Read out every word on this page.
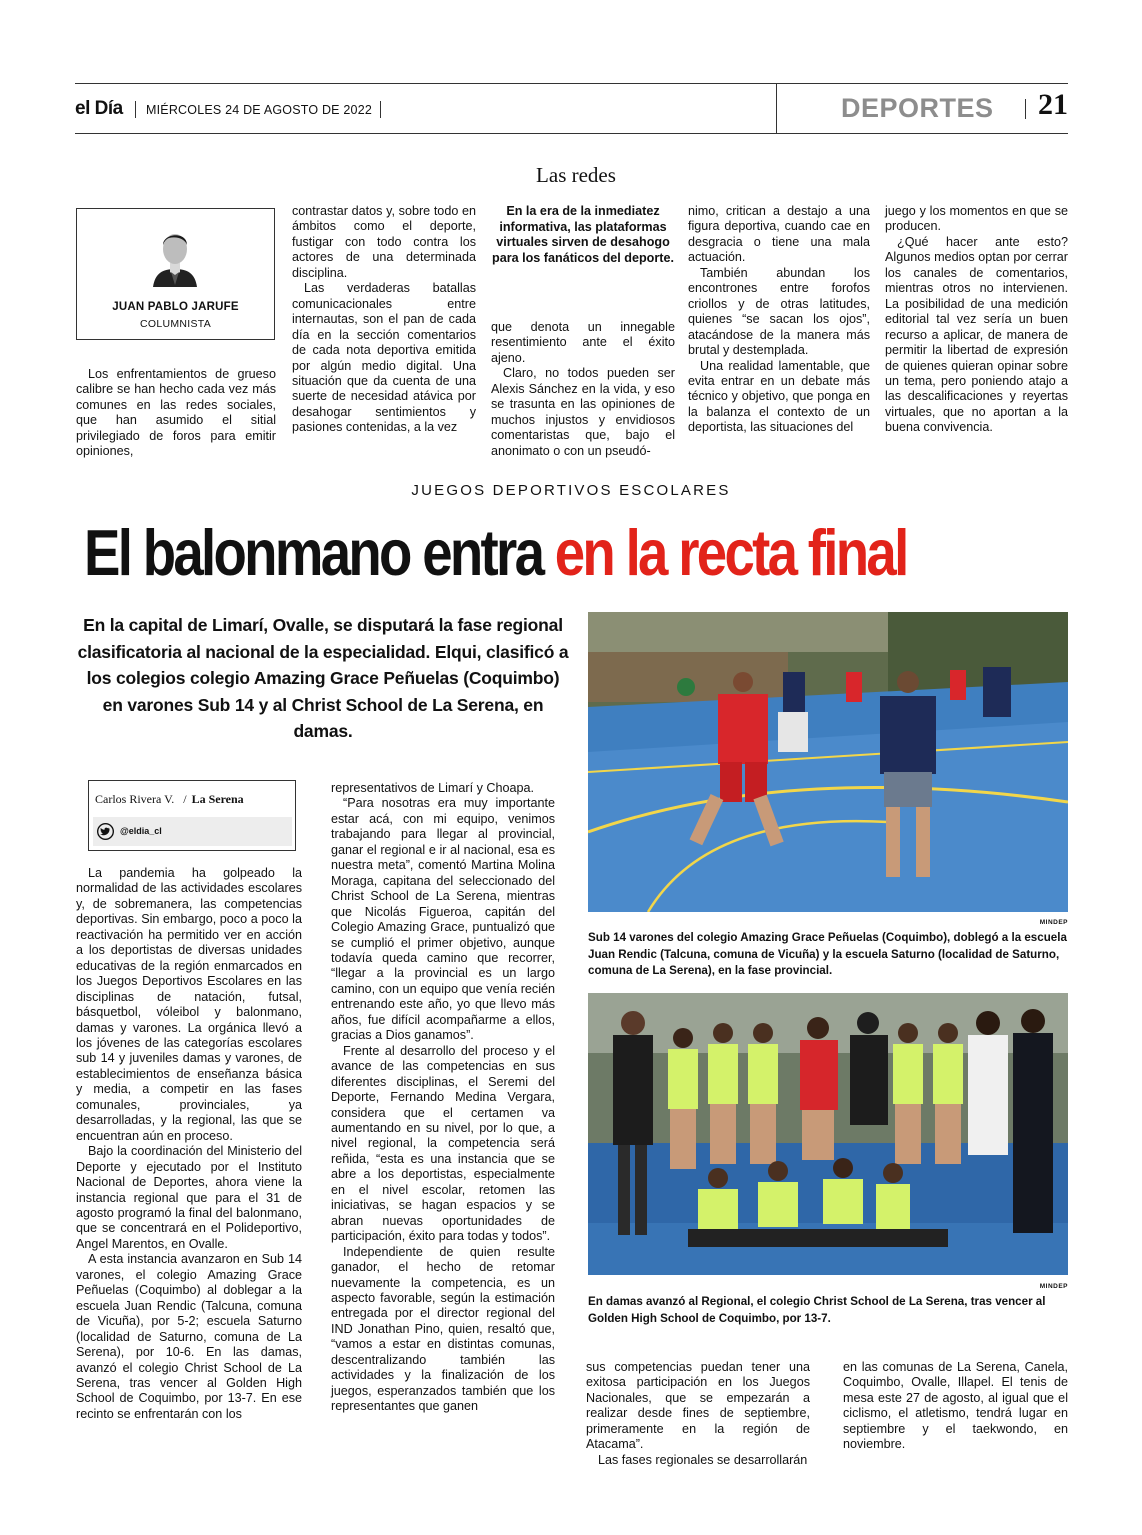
el Día MIÉRCOLES 24 DE AGOSTO DE 2022	DEPORTES 21
Las redes
JUAN PABLO JARUFE
COLUMNISTA

Los enfrentamientos de grueso calibre se han hecho cada vez más comunes en las redes sociales, que han asumido el sitial privilegiado de foros para emitir opiniones,

contrastar datos y, sobre todo en ámbitos como el deporte, fustigar con todo contra los actores de una determinada disciplina.

Las verdaderas batallas comunicacionales entre internautas, son el pan de cada día en la sección comentarios de cada nota deportiva emitida por algún medio digital. Una situación que da cuenta de una suerte de necesidad atávica por desahogar sentimientos y pasiones contenidas, a la vez

En la era de la inmediatez informativa, las plataformas virtuales sirven de desahogo para los fanáticos del deporte.

que denota un innegable resentimiento ante el éxito ajeno.

Claro, no todos pueden ser Alexis Sánchez en la vida, y eso se trasunta en las opiniones de muchos injustos y envidiosos comentaristas que, bajo el anonimato o con un pseudó-

nimo, critican a destajo a una figura deportiva, cuando cae en desgracia o tiene una mala actuación.

También abundan los encontrones entre forofos criollos y de otras latitudes, quienes “se sacan los ojos”, atacándose de la manera más brutal y destemplada.

Una realidad lamentable, que evita entrar en un debate más técnico y objetivo, que ponga en la balanza el contexto de un deportista, las situaciones del

juego y los momentos en que se producen.

¿Qué hacer ante esto? Algunos medios optan por cerrar los canales de comentarios, mientras otros no intervienen. La posibilidad de una medición editorial tal vez sería un buen recurso a aplicar, de manera de permitir la libertad de expresión de quienes quieran opinar sobre un tema, pero poniendo atajo a las descalificaciones y reyertas virtuales, que no aportan a la buena convivencia.

JUEGOS DEPORTIVOS ESCOLARES
El balonmano entra en la recta final
En la capital de Limarí, Ovalle, se disputará la fase regional clasificatoria al nacional de la especialidad. Elqui, clasificó a los colegios colegio Amazing Grace Peñuelas (Coquimbo) en varones Sub 14 y al Christ School de La Serena, en damas.
Carlos Rivera V. / La Serena
@eldia_cl

La pandemia ha golpeado la normalidad de las actividades escolares y, de sobremanera, las competencias deportivas. Sin embargo, poco a poco la reactivación ha permitido ver en acción a los deportistas de diversas unidades educativas de la región enmarcados en los Juegos Deportivos Escolares en las disciplinas de natación, futsal, básquetbol, vóleibol y balonmano, damas y varones. La orgánica llevó a los jóvenes de las categorías escolares sub 14 y juveniles damas y varones, de establecimientos de enseñanza básica y media, a competir en las fases comunales, provinciales, ya desarrolladas, y la regional, las que se encuentran aún en proceso.

Bajo la coordinación del Ministerio del Deporte y ejecutado por el Instituto Nacional de Deportes, ahora viene la instancia regional que para el 31 de agosto programó la final del balonmano, que se concentrará en el Polideportivo, Angel Marentos, en Ovalle.

A esta instancia avanzaron en Sub 14 varones, el colegio Amazing Grace Peñuelas (Coquimbo) al doblegar a la escuela Juan Rendic (Talcuna, comuna de Vicuña), por 5-2; escuela Saturno (localidad de Saturno, comuna de La Serena), por 10-6. En las damas, avanzó el colegio Christ School de La Serena, tras vencer al Golden High School de Coquimbo, por 13-7. En ese recinto se enfrentarán con los

representativos de Limarí y Choapa.

“Para nosotras era muy importante estar acá, con mi equipo, venimos trabajando para llegar al provincial, ganar el regional e ir al nacional, esa es nuestra meta”, comentó Martina Molina Moraga, capitana del seleccionado del Christ School de La Serena, mientras que Nicolás Figueroa, capitán del Colegio Amazing Grace, puntualizó que se cumplió el primer objetivo, aunque todavía queda camino que recorrer, “llegar a la provincial es un largo camino, con un equipo que venía recién entrenando este año, yo que llevo más años, fue difícil acompañarme a ellos, gracias a Dios ganamos”.

Frente al desarrollo del proceso y el avance de las competencias en sus diferentes disciplinas, el Seremi del Deporte, Fernando Medina Vergara, considera que el certamen va aumentando en su nivel, por lo que, a nivel regional, la competencia será reñida, “esta es una instancia que se abre a los deportistas, especialmente en el nivel escolar, retomen las iniciativas, se hagan espacios y se abran nuevas oportunidades de participación, éxito para todas y todos”.

Independiente de quien resulte ganador, el hecho de retomar nuevamente la competencia, es un aspecto favorable, según la estimación entregada por el director regional del IND Jonathan Pino, quien, resaltó que, “vamos a estar en distintas comunas, descentralizando también las actividades y la finalización de los juegos, esperanzados también que los representantes que ganen

sus competencias puedan tener una exitosa participación en los Juegos Nacionales, que se empezarán a realizar desde fines de septiembre, primeramente en la región de Atacama”.

Las fases regionales se desarrollarán

en las comunas de La Serena, Canela, Coquimbo, Ovalle, Illapel. El tenis de mesa este 27 de agosto, al igual que el ciclismo, el atletismo, tendrá lugar en septiembre y el taekwondo, en noviembre.

MINDEP
Sub 14 varones del colegio Amazing Grace Peñuelas (Coquimbo), doblegó a la escuela Juan Rendic (Talcuna, comuna de Vicuña) y la escuela Saturno (localidad de Saturno, comuna de La Serena), en la fase provincial.
MINDEP
En damas avanzó al Regional, el colegio Christ School de La Serena, tras vencer al Golden High School de Coquimbo, por 13-7.
